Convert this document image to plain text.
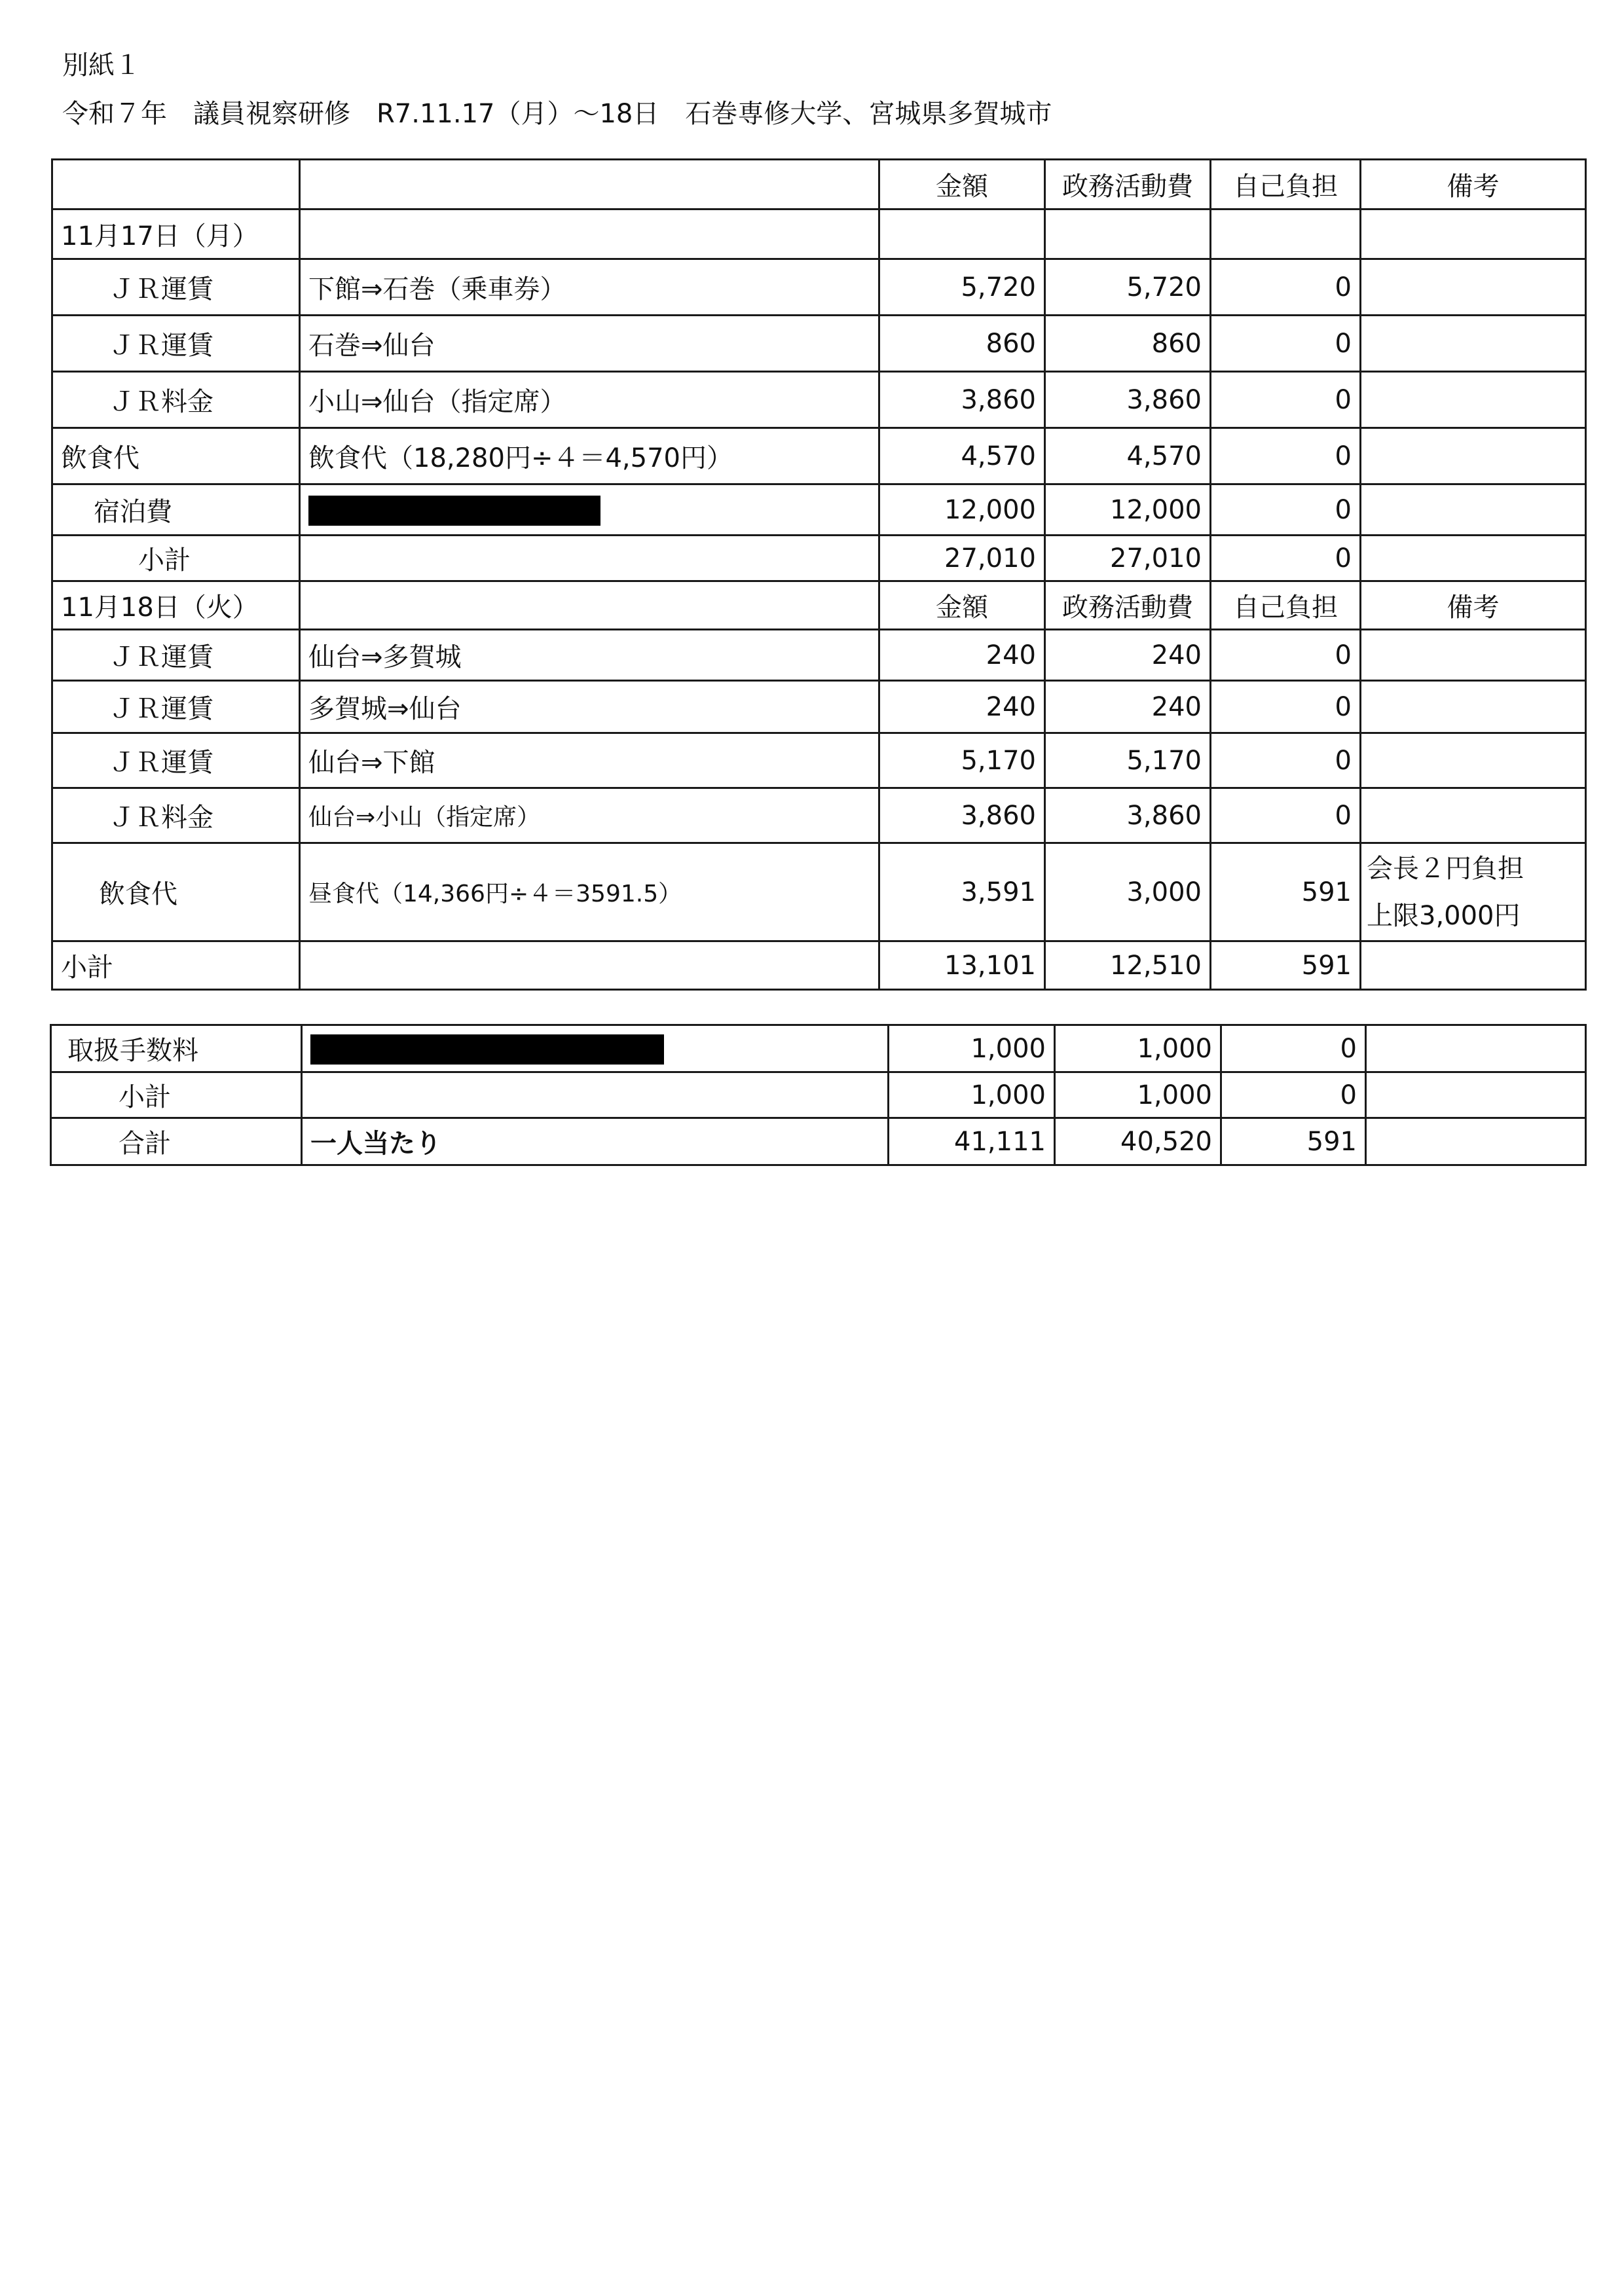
別紙１
令和７年　議員視察研修　R7.11.17（月）～18日　石巻専修大学、宮城県多賀城市
		金額	政務活動費	自己負担	備考
11月17日（月）					
ＪＲ運賃	下館⇒石巻（乗車券）	5,720	5,720	0	
ＪＲ運賃	石巻⇒仙台	860	860	0	
ＪＲ料金	小山⇒仙台（指定席）	3,860	3,860	0	
飲食代	飲食代（18,280円÷４＝4,570円）	4,570	4,570	0	
宿泊費		12,000	12,000	0	
小計		27,010	27,010	0	
11月18日（火）		金額	政務活動費	自己負担	備考
ＪＲ運賃	仙台⇒多賀城	240	240	0	
ＪＲ運賃	多賀城⇒仙台	240	240	0	
ＪＲ運賃	仙台⇒下館	5,170	5,170	0	
ＪＲ料金	仙台⇒小山（指定席）	3,860	3,860	0	
飲食代	昼食代（14,366円÷４＝3591.5）	3,591	3,000	591	会長２円負担
上限3,000円

小計		13,101	12,510	591	
取扱手数料		1,000	1,000	0	
小計		1,000	1,000	0	
合計	一人当たり	41,111	40,520	591	
